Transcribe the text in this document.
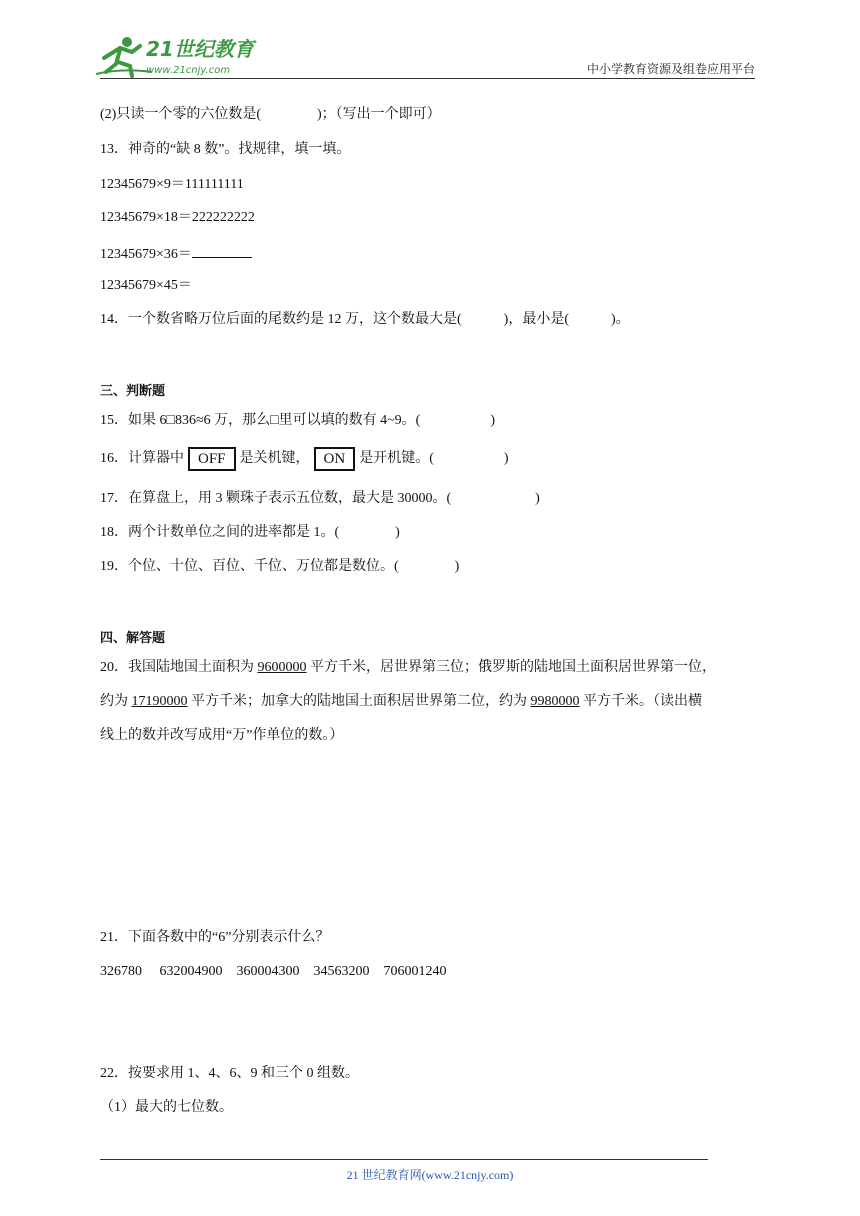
21世纪教育
www.21cnjy.com	中小学教育资源及组卷应用平台
(2)只读一个零的六位数是(　　　　)；（写出一个即可）
13．神奇的“缺 8 数”。找规律，填一填。
12345679×9＝111111111
12345679×18＝222222222
12345679×36＝
12345679×45＝
14．一个数省略万位后面的尾数约是 12 万，这个数最大是(　　　)，最小是(　　　)。
三、判断题
15．如果 6□836≈6 万，那么□里可以填的数有 4~9。(　　　　　)
16．计算器中 OFF 是关机键， ON 是开机键。(　　　　　)
17．在算盘上，用 3 颗珠子表示五位数，最大是 30000。(　　　　　　)
18．两个计数单位之间的进率都是 1。(　　　　)
19．个位、十位、百位、千位、万位都是数位。(　　　　)
四、解答题
20．我国陆地国土面积为 9600000 平方千米，居世界第三位；俄罗斯的陆地国土面积居世界第一位，
约为 17190000 平方千米；加拿大的陆地国土面积居世界第二位，约为 9980000 平方千米。（读出横
线上的数并改写成用“万”作单位的数。）
21．下面各数中的“6”分别表示什么？
326780　 632004900　360004300　34563200　706001240
22．按要求用 1、4、6、9 和三个 0 组数。
（1）最大的七位数。
21 世纪教育网(www.21cnjy.com)
